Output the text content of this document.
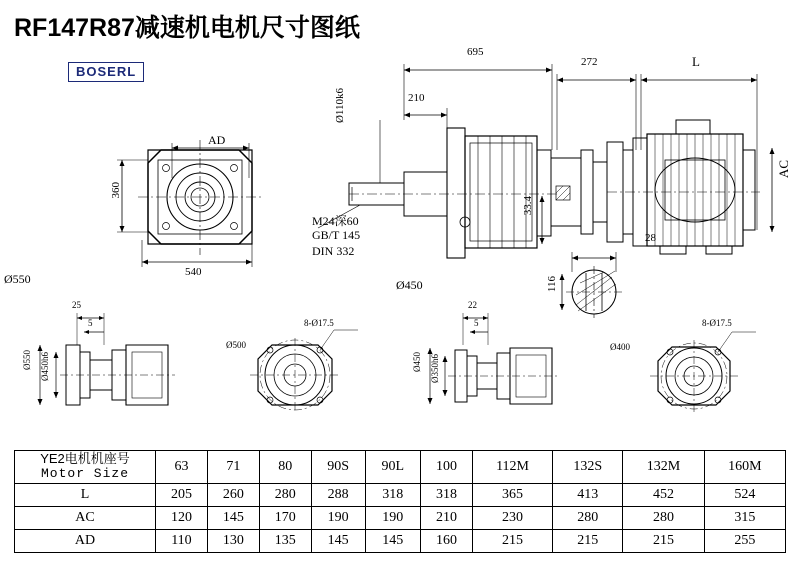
RF147R87减速机电机尺寸图纸
BOSERL
695
272	L
210
Ø110k6
AC
33.4
28
116
M24深60
GB/T 145
DIN 332
AD
360
540
Ø550	Ø450
25
5
22
5
Ø550 Ø450h6
Ø500
8-Ø17.5
Ø450 Ø350h6
Ø400
8-Ø17.5
YE2电机机座号
Motor Size	63	71	80	90S	90L	100	112M	132S	132M	160M
L	205	260	280	288	318	318	365	413	452	524
AC	120	145	170	190	190	210	230	280	280	315
AD	110	130	135	145	145	160	215	215	215	255
